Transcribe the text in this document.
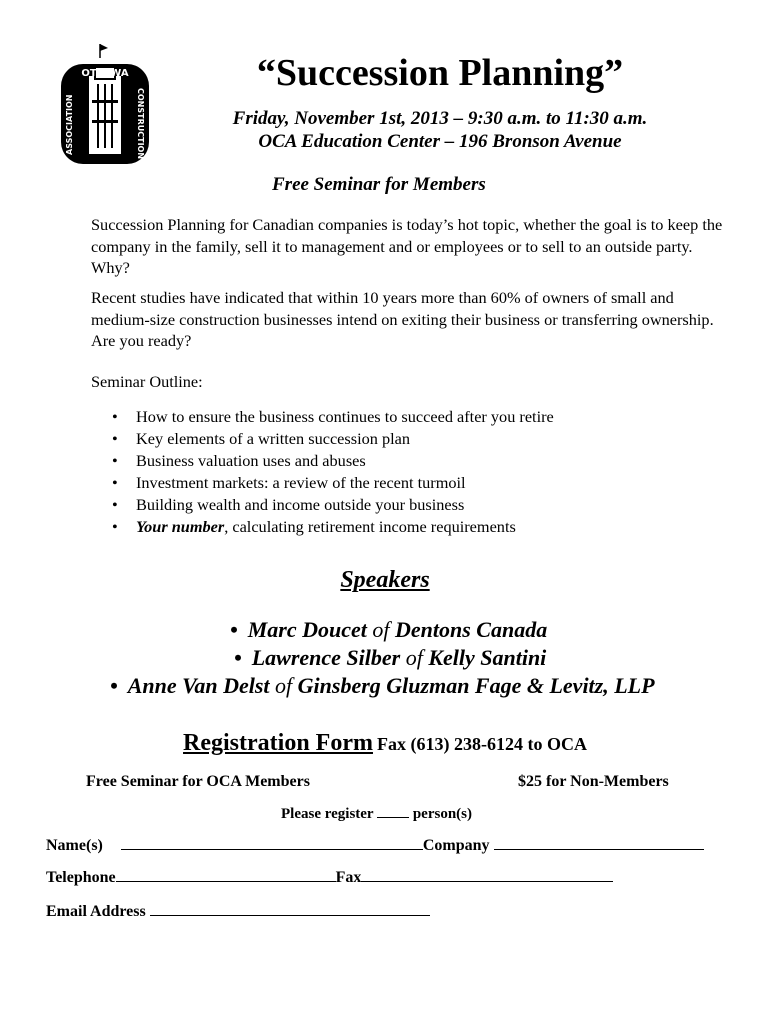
OTTAWA
CONSTRUCTION
ASSOCIATION
“Succession Planning”
Friday, November 1st, 2013 – 9:30 a.m. to 11:30 a.m.
OCA Education Center – 196 Bronson Avenue
Free Seminar for Members
Succession Planning for Canadian companies is today’s hot topic, whether the goal is to keep the company in the family, sell it to management and or employees or to sell to an outside party. Why?
Recent studies have indicated that within 10 years more than 60% of owners of small and medium-size construction businesses intend on exiting their business or transferring ownership. Are you ready?
Seminar Outline:
• How to ensure the business continues to succeed after you retire
• Key elements of a written succession plan
• Business valuation uses and abuses
• Investment markets: a review of the recent turmoil
• Building wealth and income outside your business
• Your number, calculating retirement income requirements
Speakers
• Marc Doucet of Dentons Canada
• Lawrence Silber of Kelly Santini
• Anne Van Delst of Ginsberg Gluzman Fage & Levitz, LLP
Registration Form Fax (613) 238-6124 to OCA
Free Seminar for OCA Members	$25 for Non-Members
Please register	person(s)
Name(s)	Company
Telephone	Fax
Email Address
